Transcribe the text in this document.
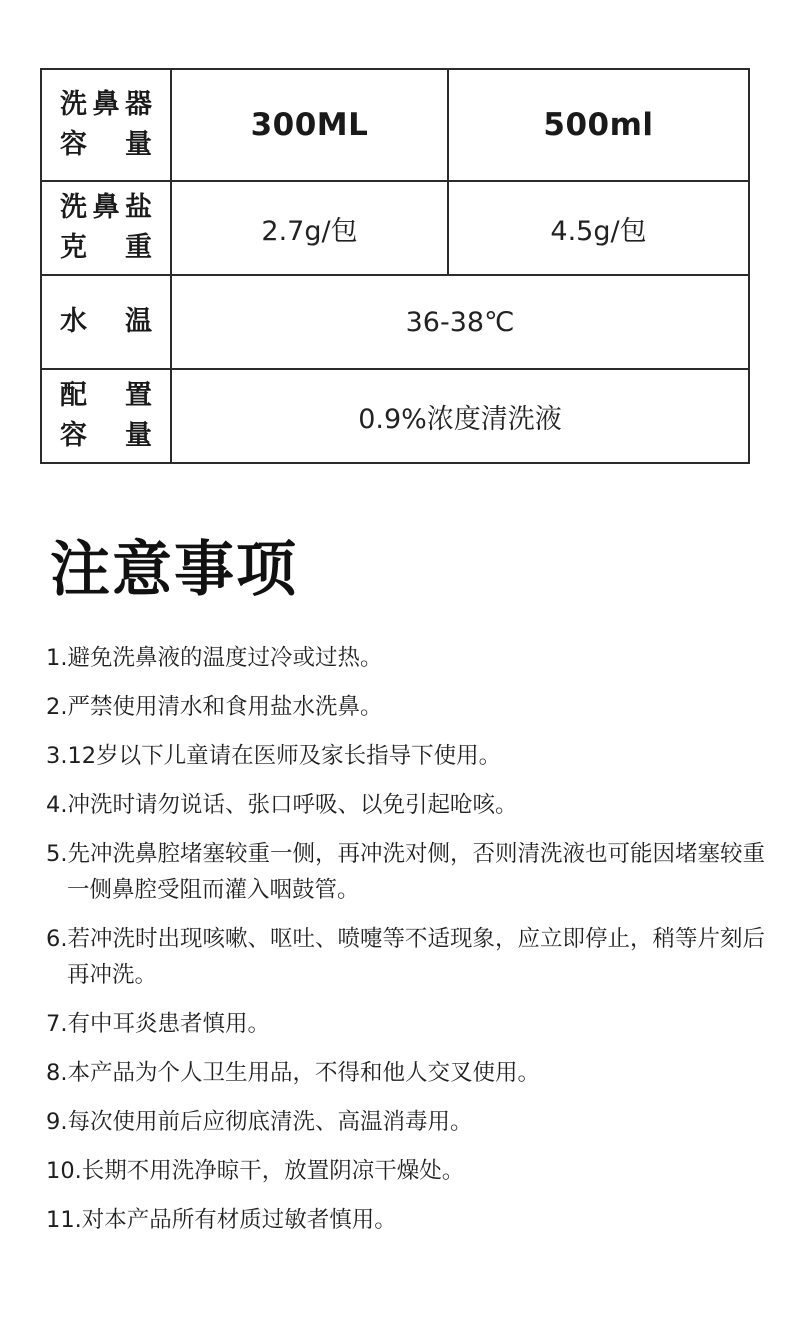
洗鼻器
容量	300ML	500ml

洗鼻盐
克重	2.7g/包	4.5g/包

水温	36-38℃	

配置
容量	0.9%浓度清洗液	
注意事项
1.避免洗鼻液的温度过冷或过热。
2.严禁使用清水和食用盐水洗鼻。
3.12岁以下儿童请在医师及家长指导下使用。
4.冲洗时请勿说话、张口呼吸、以免引起呛咳。
5.先冲洗鼻腔堵塞较重一侧，再冲洗对侧，否则清洗液也可能因堵塞较重一侧鼻腔受阻而灌入咽鼓管。
6.若冲洗时出现咳嗽、呕吐、喷嚏等不适现象，应立即停止，稍等片刻后再冲洗。
7.有中耳炎患者慎用。
8.本产品为个人卫生用品，不得和他人交叉使用。
9.每次使用前后应彻底清洗、高温消毒用。
10.长期不用洗净晾干，放置阴凉干燥处。
11.对本产品所有材质过敏者慎用。
